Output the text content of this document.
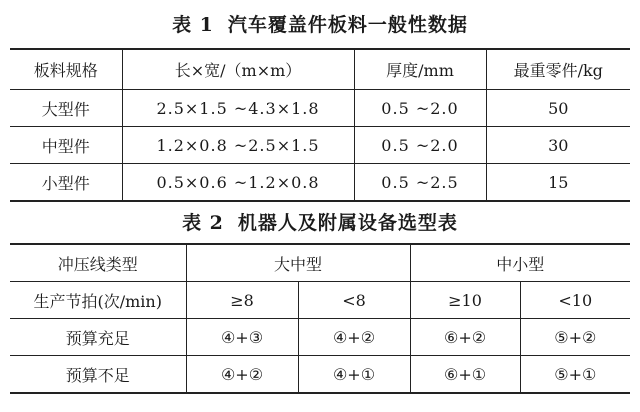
表 1 汽车覆盖件板料一般性数据
板料规格	长×宽/（m×m）	厚度/mm	最重零件/kg
大型件	2.5×1.5 ~4.3×1.8	0.5 ~2.0	50
中型件	1.2×0.8 ~2.5×1.5	0.5 ~2.0	30
小型件	0.5×0.6 ~1.2×0.8	0.5 ~2.5	15
表 2 机器人及附属设备选型表
冲压线类型	大中型		中小型	
生产节拍(次/min)	≥8	<8	≥10	<10
预算充足	④+③	④+②	⑥+②	⑤+②
预算不足	④+②	④+①	⑥+①	⑤+①
